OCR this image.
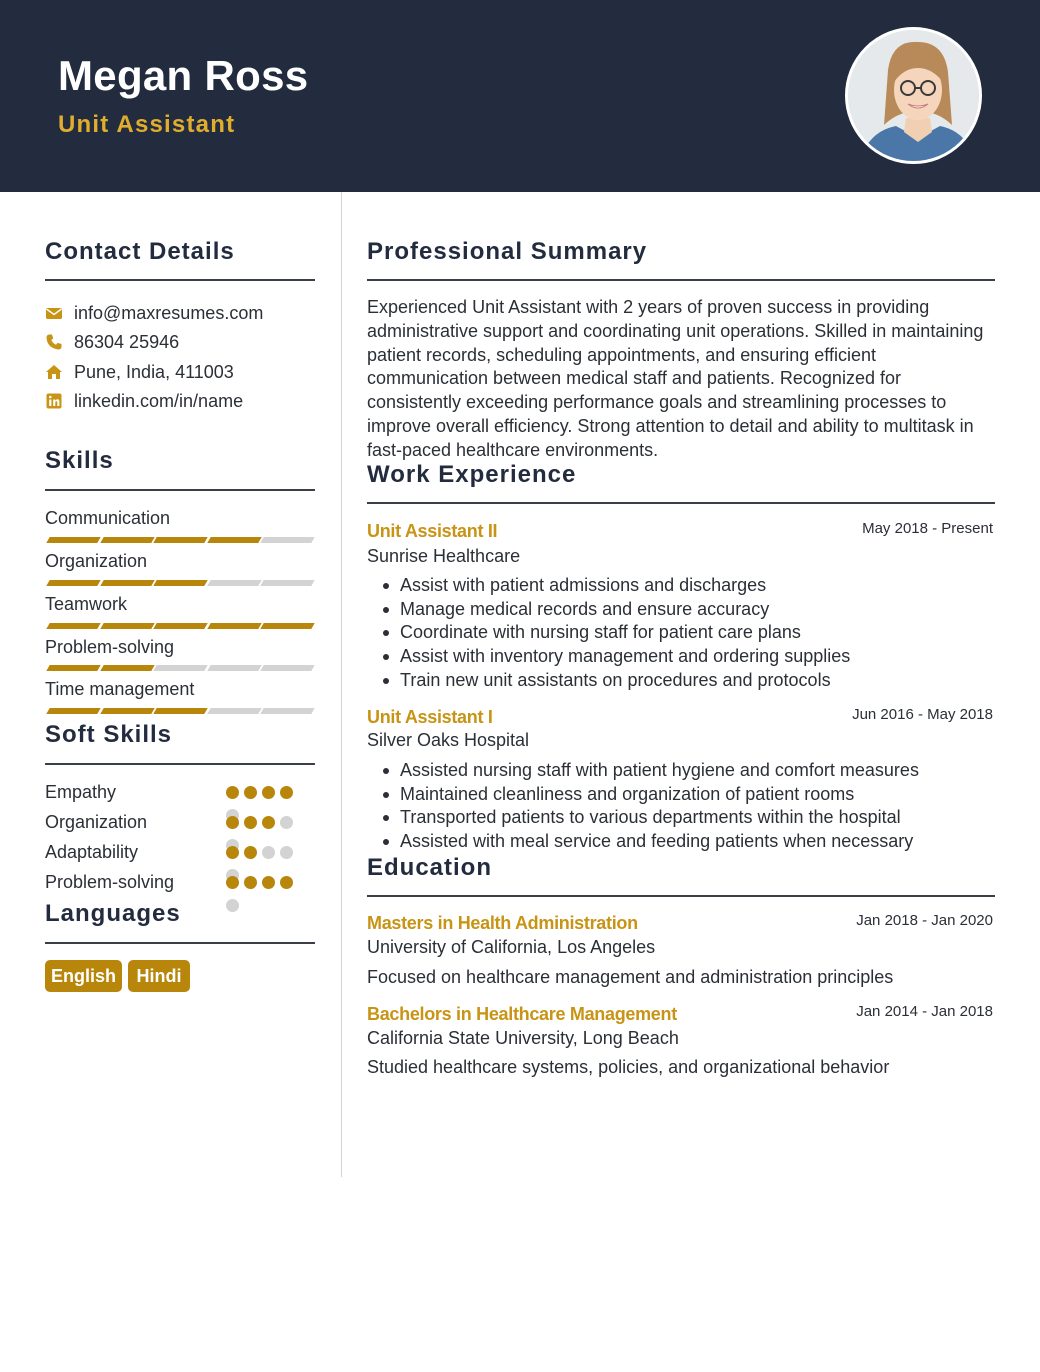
Megan Ross
Unit Assistant
Contact Details
info@maxresumes.com
86304 25946
Pune, India, 411003
linkedin.com/in/name
Skills
Communication
Organization
Teamwork
Problem-solving
Time management
Soft Skills
Empathy
Organization
Adaptability
Problem-solving
Languages
English	Hindi
Professional Summary
Experienced Unit Assistant with 2 years of proven success in providing administrative support and coordinating unit operations. Skilled in maintaining patient records, scheduling appointments, and ensuring efficient communication between medical staff and patients. Recognized for consistently exceeding performance goals and streamlining processes to improve overall efficiency. Strong attention to detail and ability to multitask in fast-paced healthcare environments.
Work Experience
Unit Assistant II	May 2018 - Present
Sunrise Healthcare
Assist with patient admissions and discharges
Manage medical records and ensure accuracy
Coordinate with nursing staff for patient care plans
Assist with inventory management and ordering supplies
Train new unit assistants on procedures and protocols
Unit Assistant I	Jun 2016 - May 2018
Silver Oaks Hospital
Assisted nursing staff with patient hygiene and comfort measures
Maintained cleanliness and organization of patient rooms
Transported patients to various departments within the hospital
Assisted with meal service and feeding patients when necessary
Education
Masters in Health Administration	Jan 2018 - Jan 2020
University of California, Los Angeles
Focused on healthcare management and administration principles
Bachelors in Healthcare Management	Jan 2014 - Jan 2018
California State University, Long Beach
Studied healthcare systems, policies, and organizational behavior
